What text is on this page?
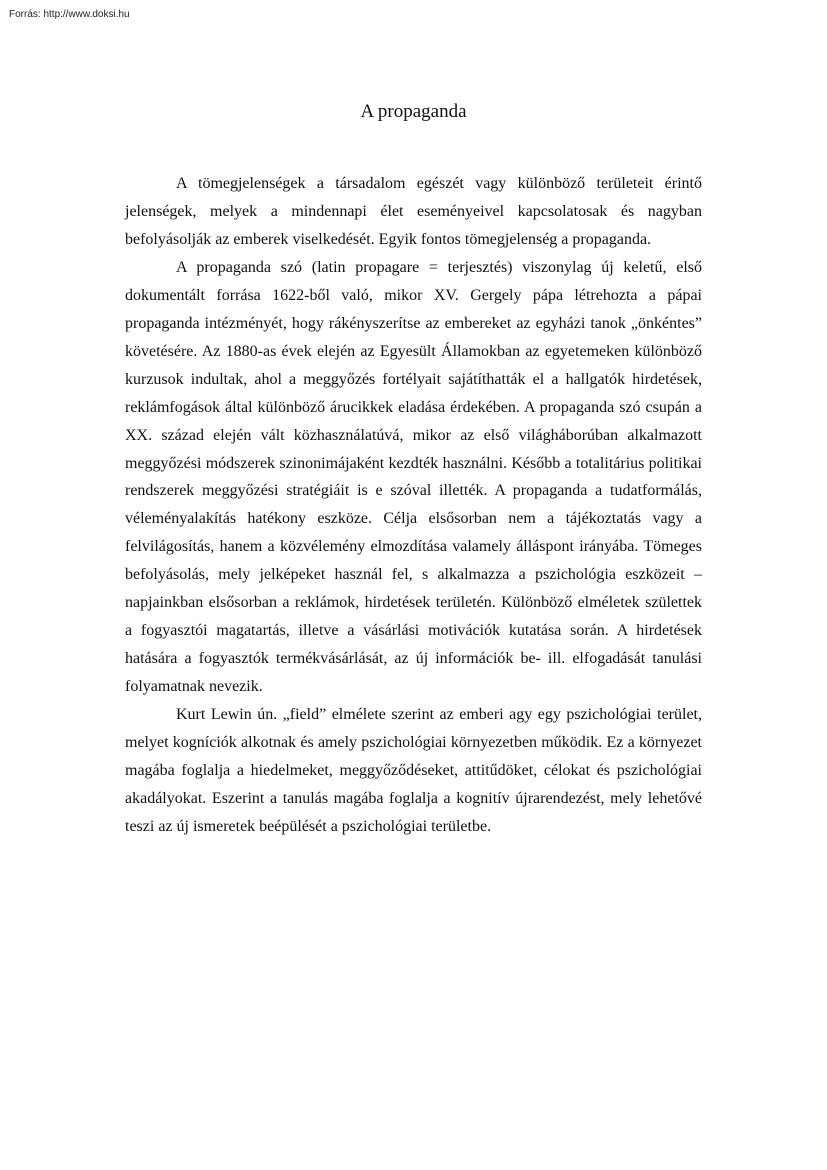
Forrás: http://www.doksi.hu

A propaganda

A tömegjelenségek a társadalom egészét vagy különböző területeit érintő jelenségek, melyek a mindennapi élet eseményeivel kapcsolatosak és nagyban befolyásolják az emberek viselkedését. Egyik fontos tömegjelenség a propaganda.

A propaganda szó (latin propagare = terjesztés) viszonylag új keletű, első dokumentált forrása 1622-ből való, mikor XV. Gergely pápa létrehozta a pápai propaganda intézményét, hogy rákényszerítse az embereket az egyházi tanok „önkéntes” követésére. Az 1880-as évek elején az Egyesült Államokban az egyetemeken különböző kurzusok indultak, ahol a meggyőzés fortélyait sajátíthatták el a hallgatók hirdetések, reklámfogások által különböző árucikkek eladása érdekében. A propaganda szó csupán a XX. század elején vált közhasználatúvá, mikor az első világháborúban alkalmazott meggyőzési módszerek szinonimájaként kezdték használni. Később a totalitárius politikai rendszerek meggyőzési stratégiáit is e szóval illették. A propaganda a tudatformálás, véleményalakítás hatékony eszköze. Célja elsősorban nem a tájékoztatás vagy a felvilágosítás, hanem a közvélemény elmozdítása valamely álláspont irányába. Tömeges befolyásolás, mely jelképeket használ fel, s alkalmazza a pszichológia eszközeit – napjainkban elsősorban a reklámok, hirdetések területén. Különböző elméletek születtek a fogyasztói magatartás, illetve a vásárlási motivációk kutatása során. A hirdetések hatására a fogyasztók termékvásárlását, az új információk be- ill. elfogadását tanulási folyamatnak nevezik.

Kurt Lewin ún. „field” elmélete szerint az emberi agy egy pszichológiai terület, melyet kogníciók alkotnak és amely pszichológiai környezetben működik. Ez a környezet magába foglalja a hiedelmeket, meggyőződéseket, attitűdöket, célokat és pszichológiai akadályokat. Eszerint a tanulás magába foglalja a kognitív újrarendezést, mely lehetővé teszi az új ismeretek beépülését a pszichológiai területbe.
